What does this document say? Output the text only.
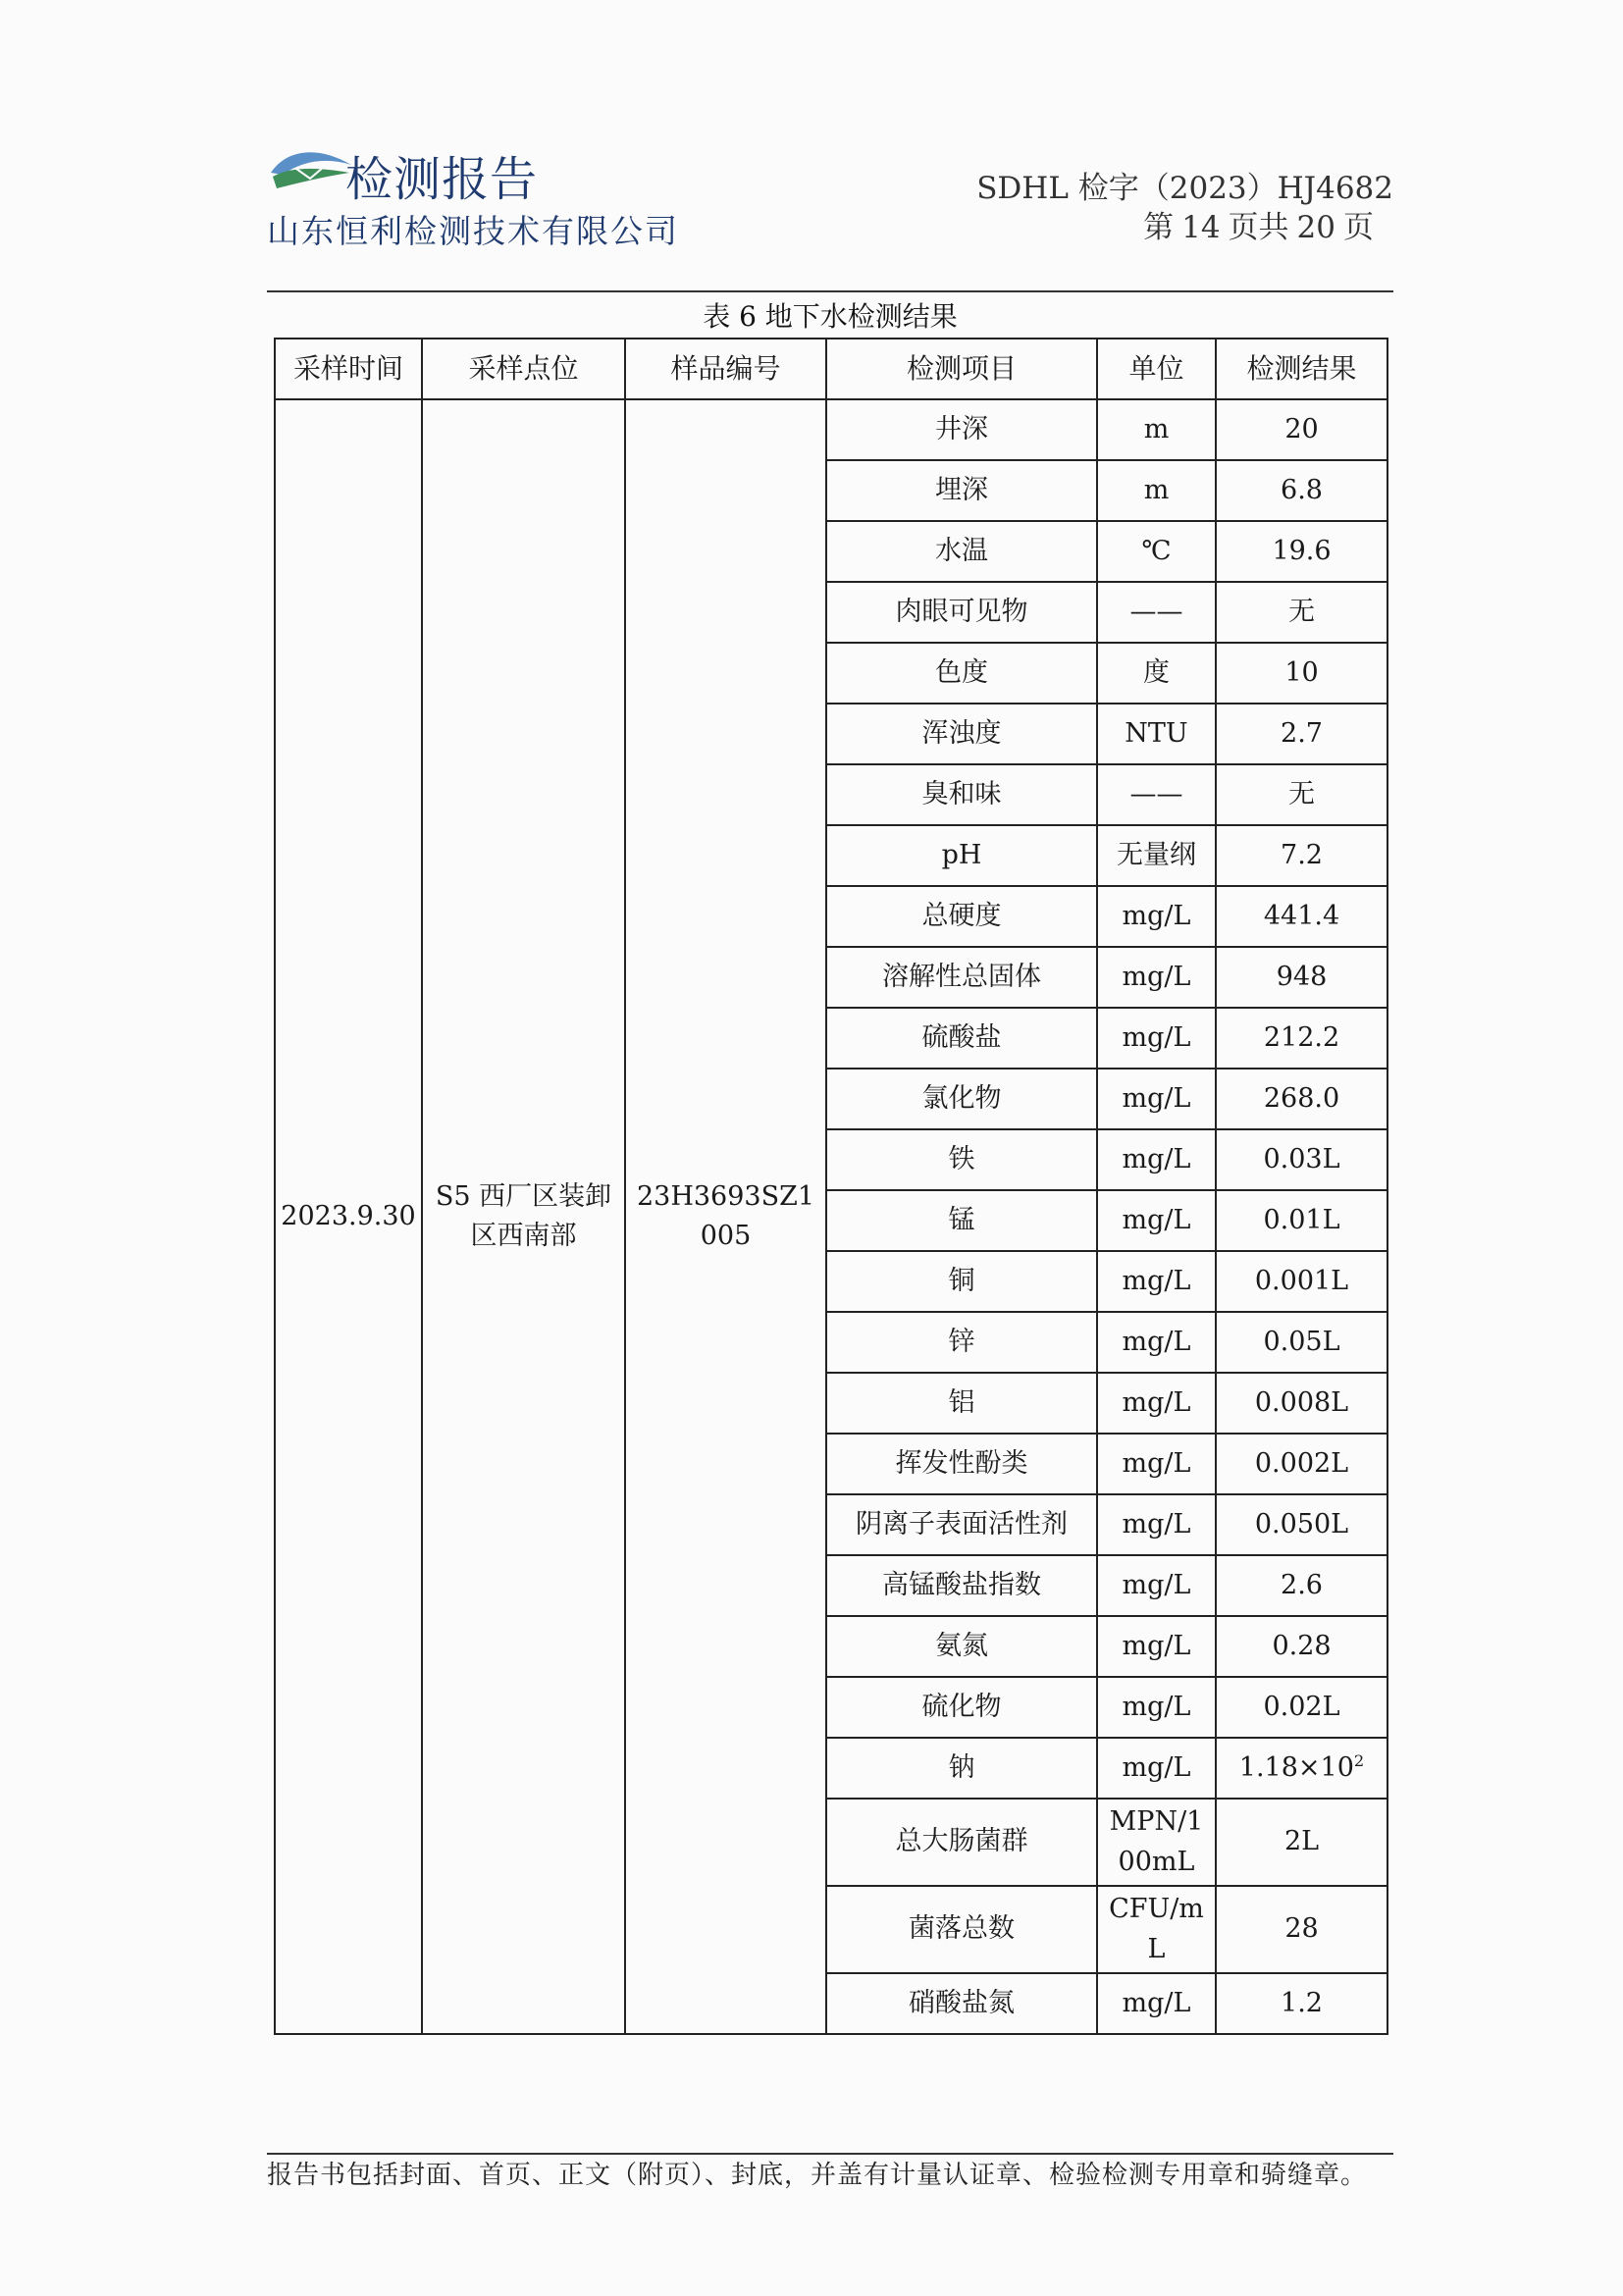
检测报告
山东恒利检测技术有限公司
SDHL 检字（2023）HJ4682
第 14 页共 20 页
表 6 地下水检测结果
采样时间	采样点位	样品编号	检测项目	单位	检测结果
2023.9.30	S5 西厂区装卸区西南部	23H3693SZ1005	井深	m	20
			埋深	m	6.8
			水温	℃	19.6
			肉眼可见物	——	无
			色度	度	10
			浑浊度	NTU	2.7
			臭和味	——	无
			pH	无量纲	7.2
			总硬度	mg/L	441.4
			溶解性总固体	mg/L	948
			硫酸盐	mg/L	212.2
			氯化物	mg/L	268.0
			铁	mg/L	0.03L
			锰	mg/L	0.01L
			铜	mg/L	0.001L
			锌	mg/L	0.05L
			铝	mg/L	0.008L
			挥发性酚类	mg/L	0.002L
			阴离子表面活性剂	mg/L	0.050L
			高锰酸盐指数	mg/L	2.6
			氨氮	mg/L	0.28
			硫化物	mg/L	0.02L
			钠	mg/L	$1.18\times 10^2$
			总大肠菌群	MPN/100mL	2L
			菌落总数	CFU/mL	28
			硝酸盐氮	mg/L	1.2
报告书包括封面、首页、正文（附页）、封底，并盖有计量认证章、检验检测专用章和骑缝章。
